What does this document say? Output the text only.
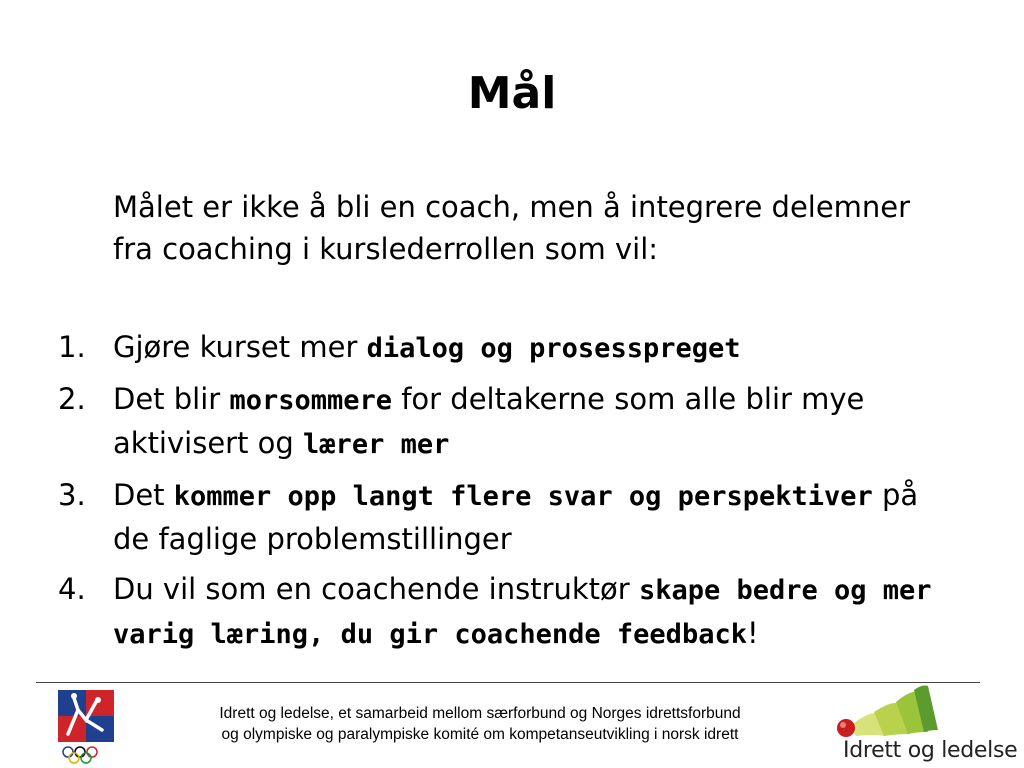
Mål
Målet er ikke å bli en coach, men å integrere delemner fra coaching i kurslederrollen som vil:
1. Gjøre kurset mer dialog og prosesspreget
2. Det blir morsommere for deltakerne som alle blir mye aktivisert og lærer mer
3. Det kommer opp langt flere svar og perspektiver på de faglige problemstillinger
4. Du vil som en coachende instruktør skape bedre og mer varig læring, du gir coachende feedback!
Idrett og ledelse, et samarbeid mellom særforbund og Norges idrettsforbund
og olympiske og paralympiske komité om kompetanseutvikling i norsk idrett
Idrett og ledelse
